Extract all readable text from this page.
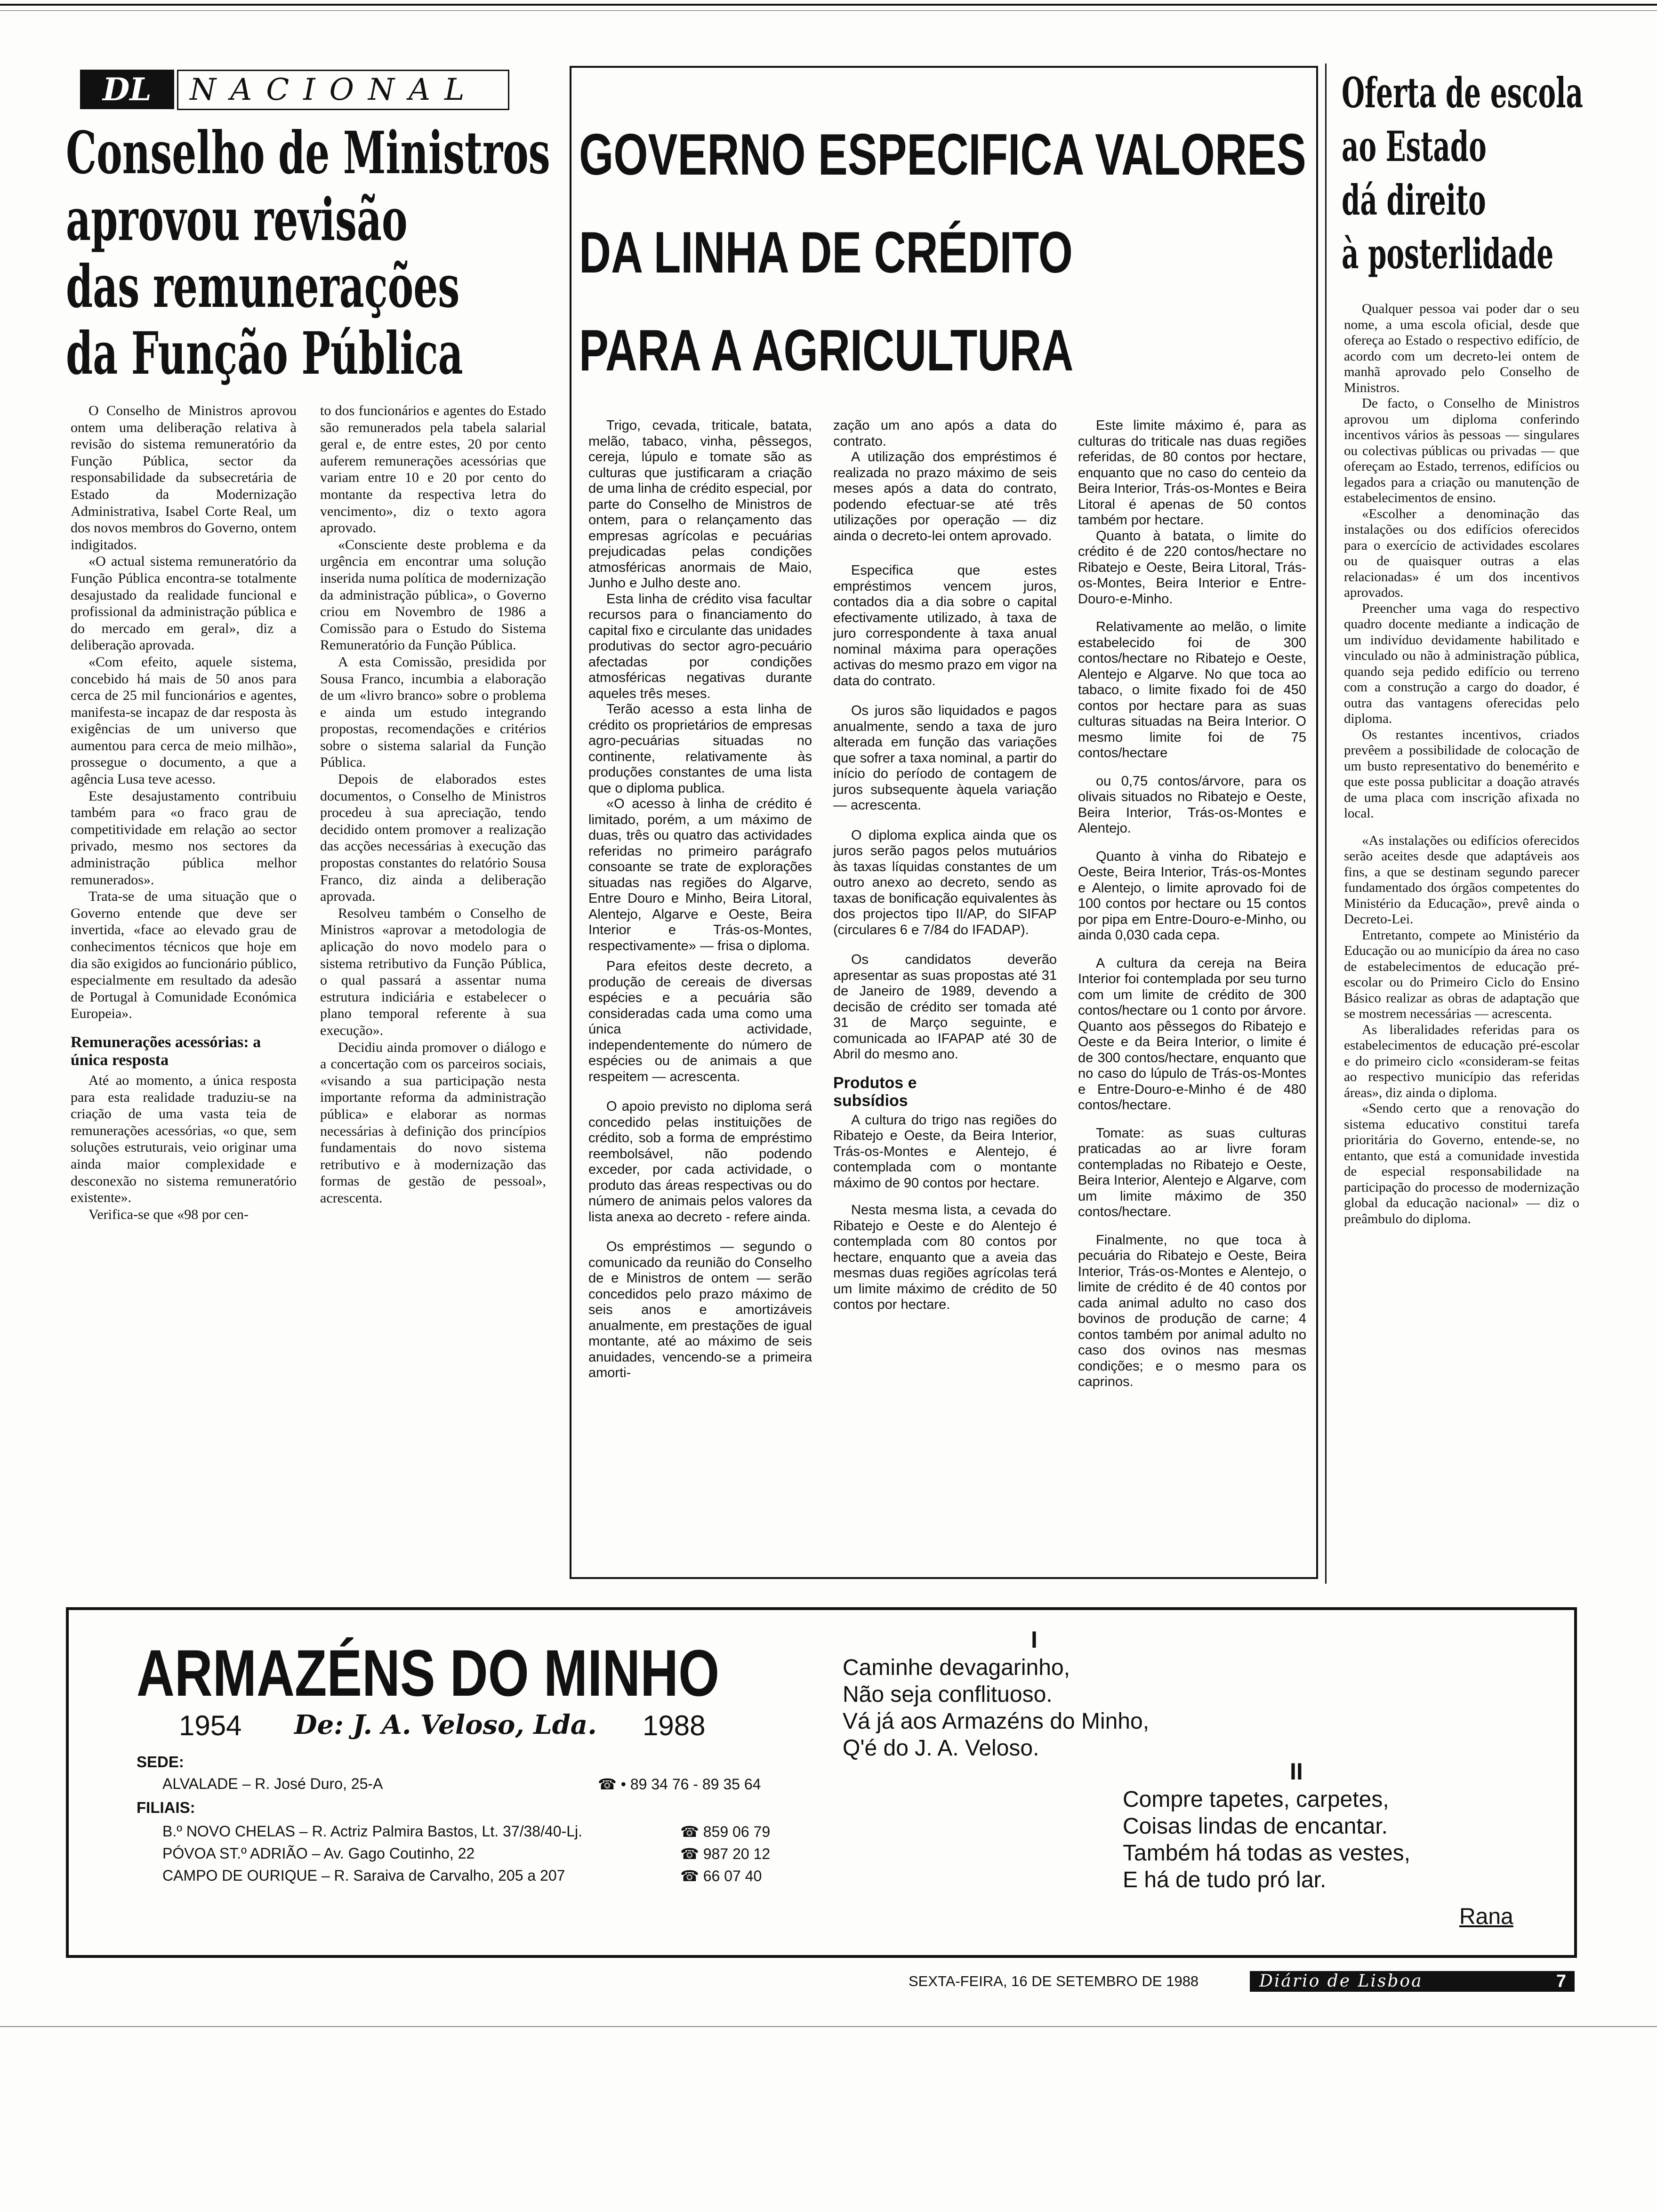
DL	NACIONAL
Conselho de Ministros
aprovou revisão
das remunerações
da Função Pública

O Conselho de Ministros aprovou ontem uma deliberação relativa à revisão do sistema remuneratório da Função Pública, sector da responsabilidade da subsecretária de Estado da Modernização Administrativa, Isabel Corte Real, um dos novos membros do Governo, ontem indigitados.

«O actual sistema remuneratório da Função Pública encontra-se totalmente desajustado da realidade funcional e profissional da administração pública e do mercado em geral», diz a deliberação aprovada.

«Com efeito, aquele sistema, concebido há mais de 50 anos para cerca de 25 mil funcionários e agentes, manifesta-se incapaz de dar resposta às exigências de um universo que aumentou para cerca de meio milhão», prossegue o documento, a que a agência Lusa teve acesso.

Este desajustamento contribuiu também para «o fraco grau de competitividade em relação ao sector privado, mesmo nos sectores da administração pública melhor remunerados».

Trata-se de uma situação que o Governo entende que deve ser invertida, «face ao elevado grau de conhecimentos técnicos que hoje em dia são exigidos ao funcionário público, especialmente em resultado da adesão de Portugal à Comunidade Económica Europeia».

Remunerações acessórias: a única resposta

Até ao momento, a única resposta para esta realidade traduziu-se na criação de uma vasta teia de remunerações acessórias, «o que, sem soluções estruturais, veio originar uma ainda maior complexidade e desconexão no sistema remuneratório existente».

Verifica-se que «98 por cen-

to dos funcionários e agentes do Estado são remunerados pela tabela salarial geral e, de entre estes, 20 por cento auferem remunerações acessórias que variam entre 10 e 20 por cento do montante da respectiva letra do vencimento», diz o texto agora aprovado.

«Consciente deste problema e da urgência em encontrar uma solução inserida numa política de modernização da administração pública», o Governo criou em Novembro de 1986 a Comissão para o Estudo do Sistema Remuneratório da Função Pública.

A esta Comissão, presidida por Sousa Franco, incumbia a elaboração de um «livro branco» sobre o problema e ainda um estudo integrando propostas, recomendações e critérios sobre o sistema salarial da Função Pública.

Depois de elaborados estes documentos, o Conselho de Ministros procedeu à sua apreciação, tendo decidido ontem promover a realização das acções necessárias à execução das propostas constantes do relatório Sousa Franco, diz ainda a deliberação aprovada.

Resolveu também o Conselho de Ministros «aprovar a metodologia de aplicação do novo modelo para o sistema retributivo da Função Pública, o qual passará a assentar numa estrutura indiciária e estabelecer o plano temporal referente à sua execução».

Decidiu ainda promover o diálogo e a concertação com os parceiros sociais, «visando a sua participação nesta importante reforma da administração pública» e elaborar as normas necessárias à definição dos princípios fundamentais do novo sistema retributivo e à modernização das formas de gestão de pessoal», acrescenta.

GOVERNO ESPECIFICA VALORES
DA LINHA DE CRÉDITO
PARA A AGRICULTURA

Trigo, cevada, triticale, batata, melão, tabaco, vinha, pêssegos, cereja, lúpulo e tomate são as culturas que justificaram a criação de uma linha de crédito especial, por parte do Conselho de Ministros de ontem, para o relançamento das empresas agrícolas e pecuárias prejudicadas pelas condições atmosféricas anormais de Maio, Junho e Julho deste ano.

Esta linha de crédito visa facultar recursos para o financiamento do capital fixo e circulante das unidades produtivas do sector agro-pecuário afectadas por condições atmosféricas negativas durante aqueles três meses.

Terão acesso a esta linha de crédito os proprietários de empresas agro-pecuárias situadas no continente, relativamente às produções constantes de uma lista que o diploma publica.

«O acesso à linha de crédito é limitado, porém, a um máximo de duas, três ou quatro das actividades referidas no primeiro parágrafo consoante se trate de explorações situadas nas regiões do Algarve, Entre Douro e Minho, Beira Litoral, Alentejo, Algarve e Oeste, Beira Interior e Trás-os-Montes, respectivamente» — frisa o diploma.

Para efeitos deste decreto, a produção de cereais de diversas espécies e a pecuária são consideradas cada uma como uma única actividade, independentemente do número de espécies ou de animais a que respeitem — acrescenta.

O apoio previsto no diploma será concedido pelas instituições de crédito, sob a forma de empréstimo reembolsável, não podendo exceder, por cada actividade, o produto das áreas respectivas ou do número de animais pelos valores da lista anexa ao decreto - refere ainda.

Os empréstimos — segundo o comunicado da reunião do Conselho de e Ministros de ontem — serão concedidos pelo prazo máximo de seis anos e amortizáveis anualmente, em prestações de igual montante, até ao máximo de seis anuidades, vencendo-se a primeira amorti-

zação um ano após a data do contrato.

A utilização dos empréstimos é realizada no prazo máximo de seis meses após a data do contrato, podendo efectuar-se até três utilizações por operação — diz ainda o decreto-lei ontem aprovado.

Especifica que estes empréstimos vencem juros, contados dia a dia sobre o capital efectivamente utilizado, à taxa de juro correspondente à taxa anual nominal máxima para operações activas do mesmo prazo em vigor na data do contrato.

Os juros são liquidados e pagos anualmente, sendo a taxa de juro alterada em função das variações que sofrer a taxa nominal, a partir do início do período de contagem de juros subsequente àquela variação — acrescenta.

O diploma explica ainda que os juros serão pagos pelos mutuários às taxas líquidas constantes de um outro anexo ao decreto, sendo as taxas de bonificação equivalentes às dos projectos tipo II/AP, do SIFAP (circulares 6 e 7/84 do IFADAP).

Os candidatos deverão apresentar as suas propostas até 31 de Janeiro de 1989, devendo a decisão de crédito ser tomada até 31 de Março seguinte, e comunicada ao IFAPAP até 30 de Abril do mesmo ano.

Produtos e subsídios

A cultura do trigo nas regiões do Ribatejo e Oeste, da Beira Interior, Trás-os-Montes e Alentejo, é contemplada com o montante máximo de 90 contos por hectare.

Nesta mesma lista, a cevada do Ribatejo e Oeste e do Alentejo é contemplada com 80 contos por hectare, enquanto que a aveia das mesmas duas regiões agrícolas terá um limite máximo de crédito de 50 contos por hectare.

Este limite máximo é, para as culturas do triticale nas duas regiões referidas, de 80 contos por hectare, enquanto que no caso do centeio da Beira Interior, Trás-os-Montes e Beira Litoral é apenas de 50 contos também por hectare.

Quanto à batata, o limite do crédito é de 220 contos/hectare no Ribatejo e Oeste, Beira Litoral, Trás-os-Montes, Beira Interior e Entre-Douro-e-Minho.

Relativamente ao melão, o limite estabelecido foi de 300 contos/hectare no Ribatejo e Oeste, Alentejo e Algarve. No que toca ao tabaco, o limite fixado foi de 450 contos por hectare para as suas culturas situadas na Beira Interior. O mesmo limite foi de 75 contos/hectare

ou 0,75 contos/árvore, para os olivais situados no Ribatejo e Oeste, Beira Interior, Trás-os-Montes e Alentejo.

Quanto à vinha do Ribatejo e Oeste, Beira Interior, Trás-os-Montes e Alentejo, o limite aprovado foi de 100 contos por hectare ou 15 contos por pipa em Entre-Douro-e-Minho, ou ainda 0,030 cada cepa.

A cultura da cereja na Beira Interior foi contemplada por seu turno com um limite de crédito de 300 contos/hectare ou 1 conto por árvore. Quanto aos pêssegos do Ribatejo e Oeste e da Beira Interior, o limite é de 300 contos/hectare, enquanto que no caso do lúpulo de Trás-os-Montes e Entre-Douro-e-Minho é de 480 contos/hectare.

Tomate: as suas culturas praticadas ao ar livre foram contempladas no Ribatejo e Oeste, Beira Interior, Alentejo e Algarve, com um limite máximo de 350 contos/hectare.

Finalmente, no que toca à pecuária do Ribatejo e Oeste, Beira Interior, Trás-os-Montes e Alentejo, o limite de crédito é de 40 contos por cada animal adulto no caso dos bovinos de produção de carne; 4 contos também por animal adulto no caso dos ovinos nas mesmas condições; e o mesmo para os caprinos.

Oferta de escola
ao Estado
dá direito
à posterlidade

Qualquer pessoa vai poder dar o seu nome, a uma escola oficial, desde que ofereça ao Estado o respectivo edifício, de acordo com um decreto-lei ontem de manhã aprovado pelo Conselho de Ministros.

De facto, o Conselho de Ministros aprovou um diploma conferindo incentivos vários às pessoas — singulares ou colectivas públicas ou privadas — que ofereçam ao Estado, terrenos, edifícios ou legados para a criação ou manutenção de estabelecimentos de ensino.

«Escolher a denominação das instalações ou dos edifícios oferecidos para o exercício de actividades escolares ou de quaisquer outras a elas relacionadas» é um dos incentivos aprovados.

Preencher uma vaga do respectivo quadro docente mediante a indicação de um indivíduo devidamente habilitado e vinculado ou não à administração pública, quando seja pedido edifício ou terreno com a construção a cargo do doador, é outra das vantagens oferecidas pelo diploma.

Os restantes incentivos, criados prevêem a possibilidade de colocação de um busto representativo do benemérito e que este possa publicitar a doação através de uma placa com inscrição afixada no local.

«As instalações ou edifícios oferecidos serão aceites desde que adaptáveis aos fins, a que se destinam segundo parecer fundamentado dos órgãos competentes do Ministério da Educação», prevê ainda o Decreto-Lei.

Entretanto, compete ao Ministério da Educação ou ao município da área no caso de estabelecimentos de educação pré-escolar ou do Primeiro Ciclo do Ensino Básico realizar as obras de adaptação que se mostrem necessárias — acrescenta.

As liberalidades referidas para os estabelecimentos de educação pré-escolar e do primeiro ciclo «consideram-se feitas ao respectivo município das referidas áreas», diz ainda o diploma.

«Sendo certo que a renovação do sistema educativo constitui tarefa prioritária do Governo, entende-se, no entanto, que está a comunidade investida de especial responsabilidade na participação do processo de modernização global da educação nacional» — diz o preâmbulo do diploma.

ARMAZÉNS DO MINHO
1954 De: J. A. Veloso, Lda. 1988
SEDE:
ALVALADE – R. José Duro, 25-A	☎ • 89 34 76 - 89 35 64
FILIAIS:
B.º NOVO CHELAS – R. Actriz Palmira Bastos, Lt. 37/38/40-Lj.	☎ 859 06 79
PÓVOA ST.º ADRIÃO – Av. Gago Coutinho, 22	☎ 987 20 12
CAMPO DE OURIQUE – R. Saraiva de Carvalho, 205 a 207	☎ 66 07 40
I
Caminhe devagarinho,
Não seja conflituoso.
Vá já aos Armazéns do Minho,
Q'é do J. A. Veloso.
II
Compre tapetes, carpetes,
Coisas lindas de encantar.
Também há todas as vestes,
E há de tudo pró lar.
Rana
SEXTA-FEIRA, 16 DE SETEMBRO DE 1988	Diário de Lisboa	7
